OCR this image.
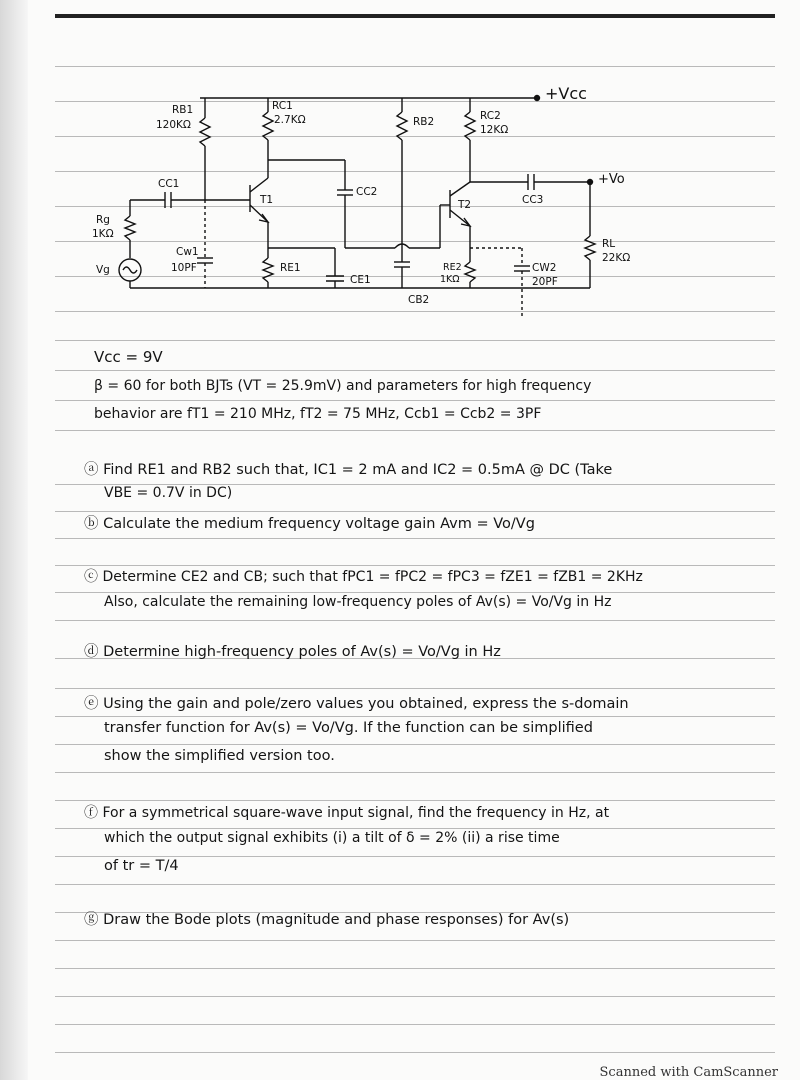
+Vcc
RB1
120KΩ
RC1
2.7KΩ	RB2	RC2
12KΩ
CC1
CC2
CC3
+Vo
T1	T2
Rg
1KΩ
Vg
Cw1
10PF	RE1
CE1
CB2
RE2
1KΩ
CW2
20PF
RL
22KΩ
Vcc = 9V
β = 60 for both BJTs (VT = 25.9mV) and parameters for high frequency
behavior are fT1 = 210 MHz, fT2 = 75 MHz, Ccb1 = Ccb2 = 3PF
ⓐ Find RE1 and RB2 such that, IC1 = 2 mA and IC2 = 0.5mA @ DC (Take
VBE = 0.7V in DC)
ⓑ Calculate the medium frequency voltage gain Avm = Vo/Vg
ⓒ Determine CE2 and CB; such that fPC1 = fPC2 = fPC3 = fZE1 = fZB1 = 2KHz
Also, calculate the remaining low-frequency poles of Av(s) = Vo/Vg in Hz
ⓓ Determine high-frequency poles of Av(s) = Vo/Vg in Hz
ⓔ Using the gain and pole/zero values you obtained, express the s-domain
transfer function for Av(s) = Vo/Vg. If the function can be simplified
show the simplified version too.
ⓕ For a symmetrical square-wave input signal, find the frequency in Hz, at
which the output signal exhibits (i) a tilt of δ = 2% (ii) a rise time
of tr = T/4
ⓖ Draw the Bode plots (magnitude and phase responses) for Av(s)
Scanned with CamScanner
